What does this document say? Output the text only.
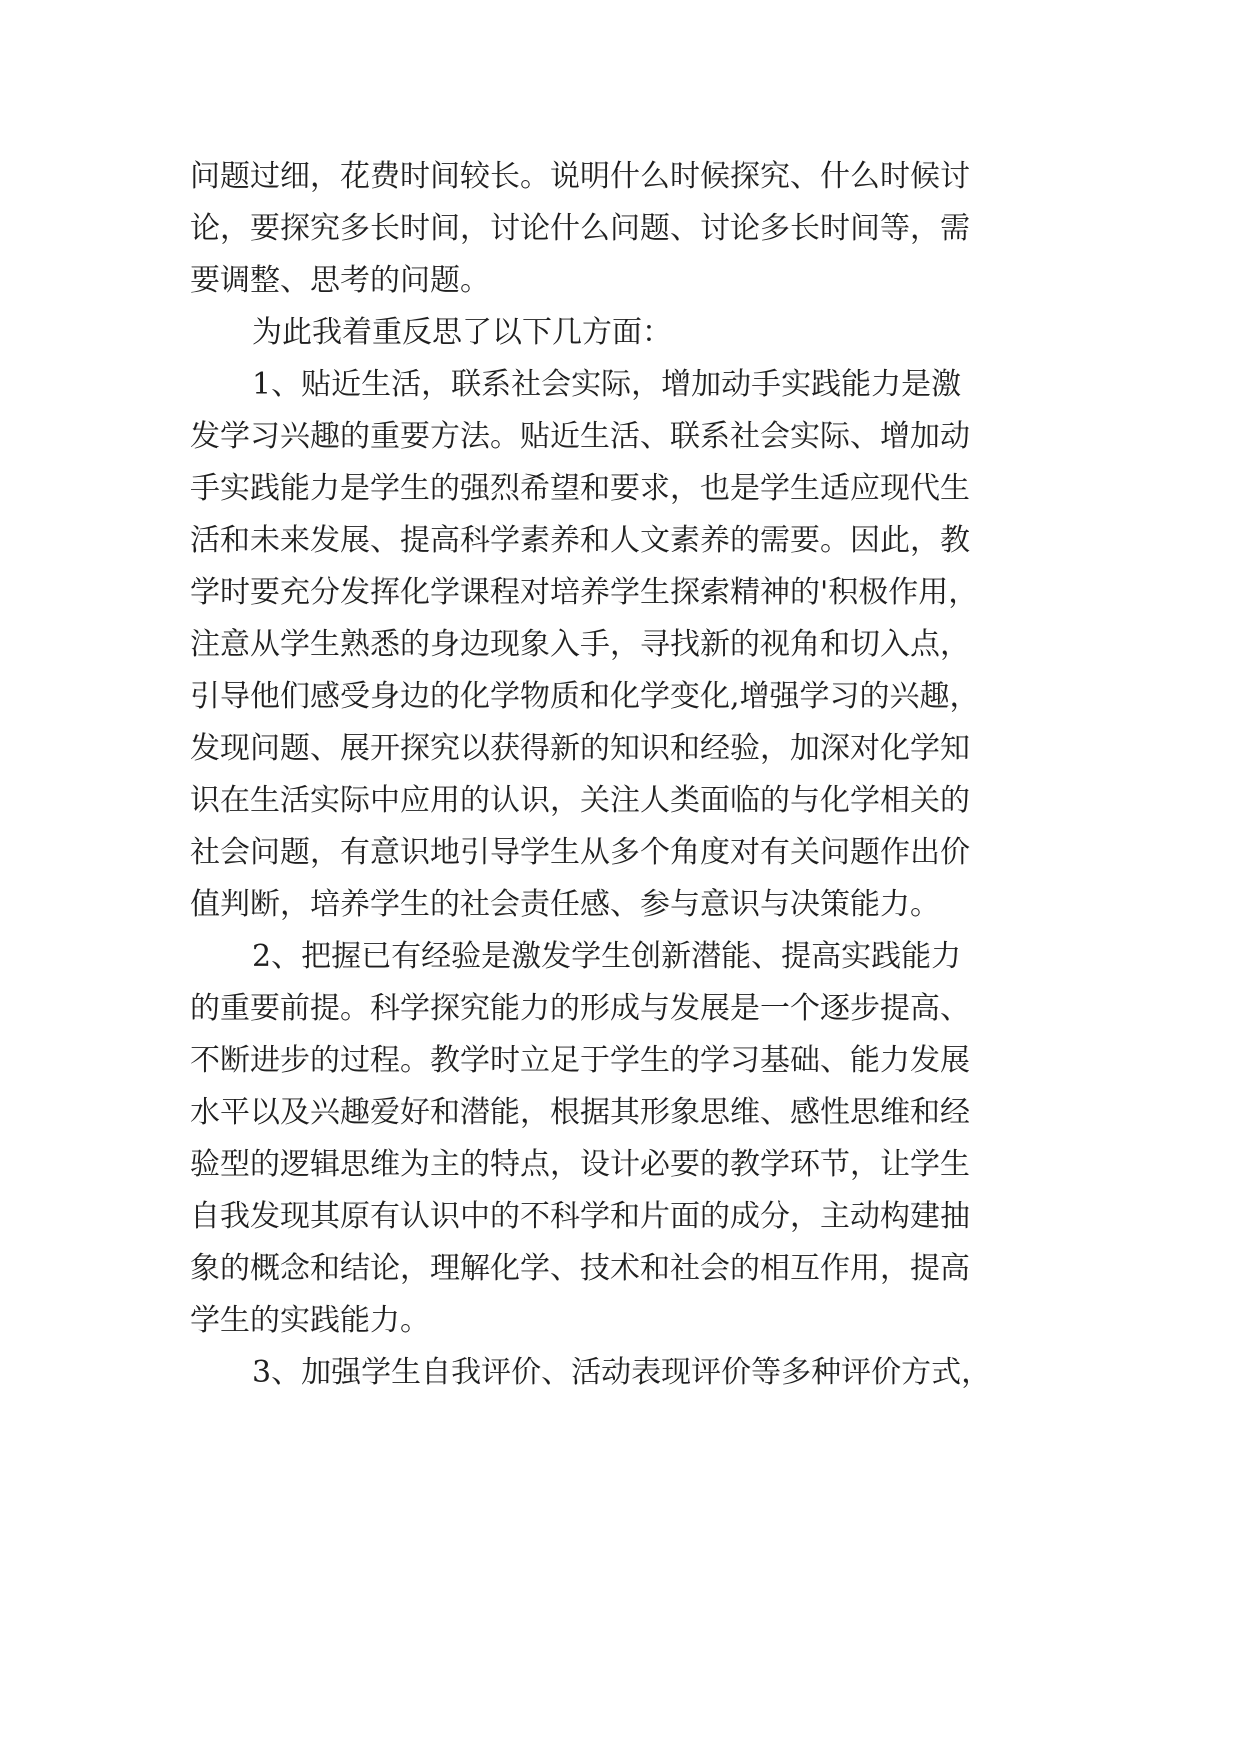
问题过细，花费时间较长。说明什么时候探究、什么时候讨
论，要探究多长时间，讨论什么问题、讨论多长时间等，需
要调整、思考的问题。
为此我着重反思了以下几方面：
1、贴近生活，联系社会实际，增加动手实践能力是激
发学习兴趣的重要方法。贴近生活、联系社会实际、增加动
手实践能力是学生的强烈希望和要求，也是学生适应现代生
活和未来发展、提高科学素养和人文素养的需要。因此，教
学时要充分发挥化学课程对培养学生探索精神的'积极作用，
注意从学生熟悉的身边现象入手，寻找新的视角和切入点，
引导他们感受身边的化学物质和化学变化,增强学习的兴趣，
发现问题、展开探究以获得新的知识和经验，加深对化学知
识在生活实际中应用的认识，关注人类面临的与化学相关的
社会问题，有意识地引导学生从多个角度对有关问题作出价
值判断，培养学生的社会责任感、参与意识与决策能力。
2、把握已有经验是激发学生创新潜能、提高实践能力
的重要前提。科学探究能力的形成与发展是一个逐步提高、
不断进步的过程。教学时立足于学生的学习基础、能力发展
水平以及兴趣爱好和潜能，根据其形象思维、感性思维和经
验型的逻辑思维为主的特点，设计必要的教学环节，让学生
自我发现其原有认识中的不科学和片面的成分，主动构建抽
象的概念和结论，理解化学、技术和社会的相互作用，提高
学生的实践能力。
3、加强学生自我评价、活动表现评价等多种评价方式，
